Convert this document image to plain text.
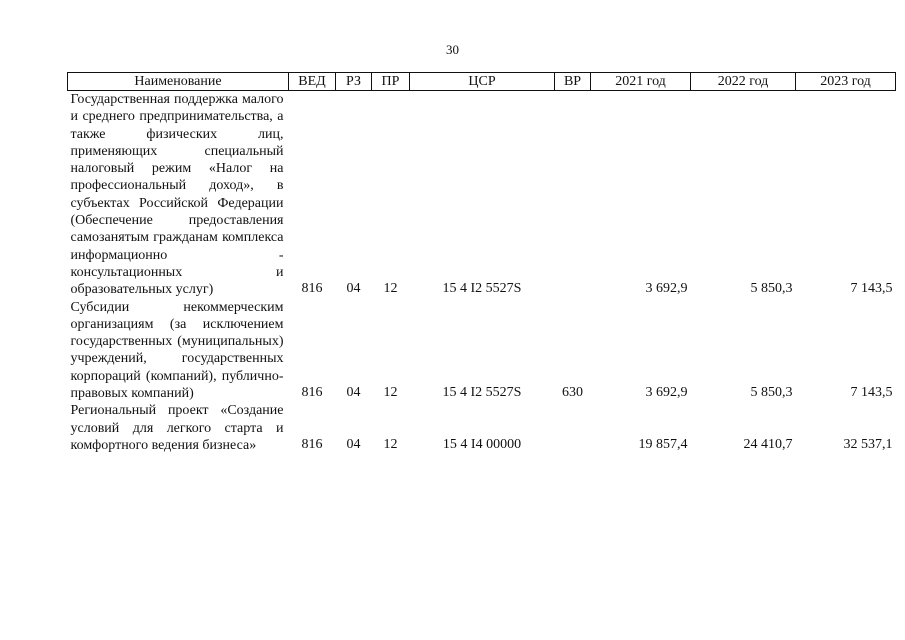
30
Наименование	ВЕД	РЗ	ПР	ЦСР	ВР	2021 год	2022 год	2023 год
Государственная поддержка малого и среднего предпринимательства, а также физических лиц, применяющих специальный налоговый режим «Налог на профессиональный доход», в субъектах Российской Федерации (Обеспечение предоставления самозанятым гражданам комплекса информационно - консультационных и образовательных услуг)	816	04	12	15 4 I2 5527S		3 692,9	5 850,3	7 143,5
Субсидии некоммерческим организациям (за исключением государственных (муниципальных) учреждений, государственных корпораций (компаний), публично-правовых компаний)	816	04	12	15 4 I2 5527S	630	3 692,9	5 850,3	7 143,5
Региональный проект «Создание условий для легкого старта и комфортного ведения бизнеса»	816	04	12	15 4 I4 00000		19 857,4	24 410,7	32 537,1
